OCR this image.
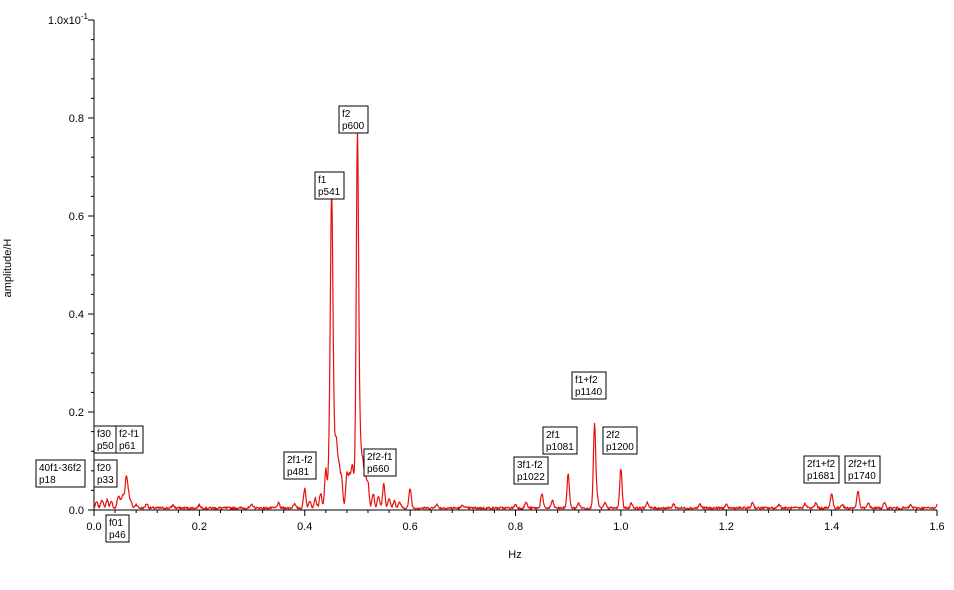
0.0	0.2	0.4	0.6	0.8	1.0	1.2	1.4	1.6
0.0
0.2
0.4
0.6
0.8
$1.0x10^{-1}$
40f1-36f2
p18
f30
p50
f20
p33
f2-f1
p61
f01
p46
2f1-f2
p481
f1
p541
f2
p600
2f2-f1
p660	3f1-f2
p1022
2f1
p1081
f1+f2
p1140
2f2
p1200
2f1+f2
p1681
2f2+f1
p1740
Hz
amplitude/H
